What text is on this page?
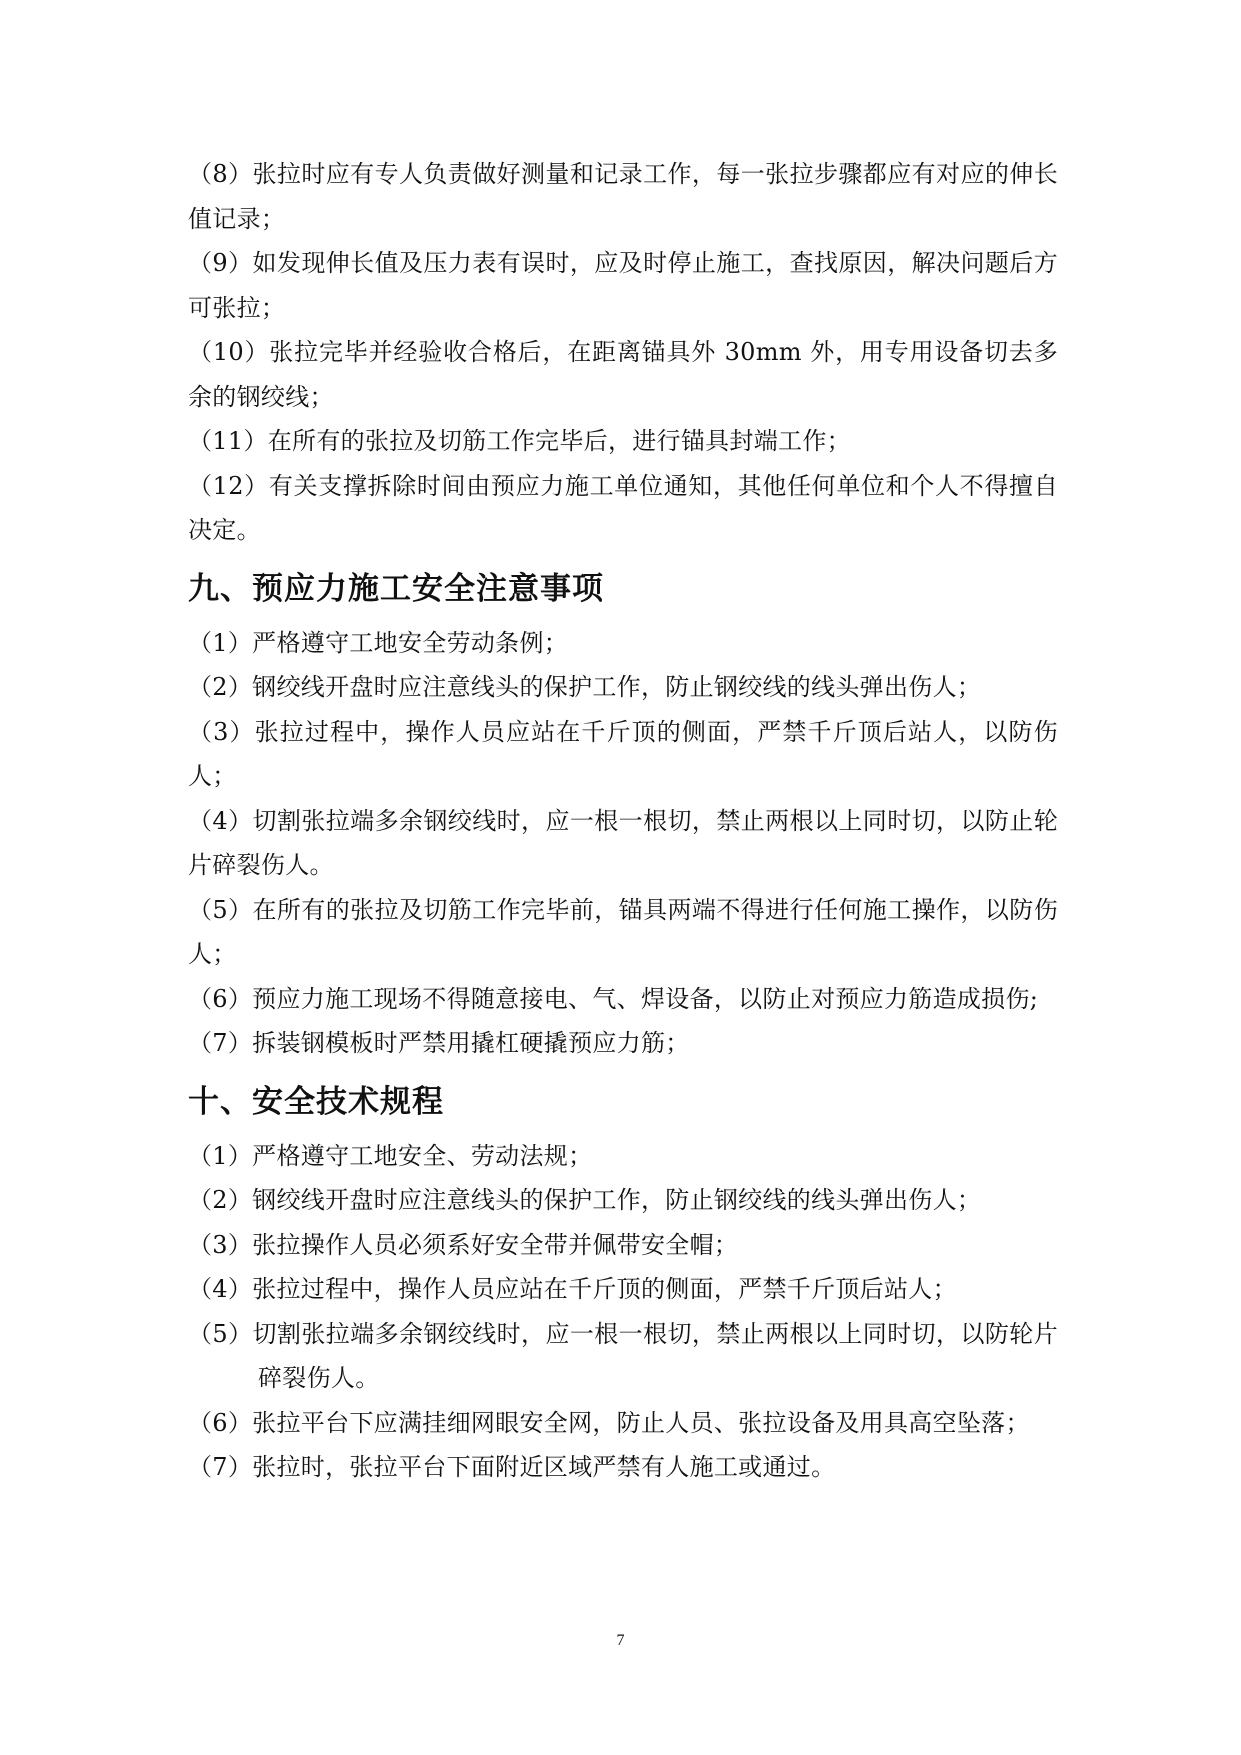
（8）张拉时应有专人负责做好测量和记录工作，每一张拉步骤都应有对应的伸长值记录；

（9）如发现伸长值及压力表有误时，应及时停止施工，查找原因，解决问题后方可张拉；

（10）张拉完毕并经验收合格后，在距离锚具外 30mm 外，用专用设备切去多余的钢绞线；

（11）在所有的张拉及切筋工作完毕后，进行锚具封端工作；

（12）有关支撑拆除时间由预应力施工单位通知，其他任何单位和个人不得擅自决定。

九、预应力施工安全注意事项

（1）严格遵守工地安全劳动条例；

（2）钢绞线开盘时应注意线头的保护工作，防止钢绞线的线头弹出伤人；

（3）张拉过程中，操作人员应站在千斤顶的侧面，严禁千斤顶后站人，以防伤人；

（4）切割张拉端多余钢绞线时，应一根一根切，禁止两根以上同时切，以防止轮片碎裂伤人。

（5）在所有的张拉及切筋工作完毕前，锚具两端不得进行任何施工操作，以防伤人；

（6）预应力施工现场不得随意接电、气、焊设备，以防止对预应力筋造成损伤;

（7）拆装钢模板时严禁用撬杠硬撬预应力筋；

十、安全技术规程

（1）严格遵守工地安全、劳动法规；

（2）钢绞线开盘时应注意线头的保护工作，防止钢绞线的线头弹出伤人；

（3）张拉操作人员必须系好安全带并佩带安全帽；

（4）张拉过程中，操作人员应站在千斤顶的侧面，严禁千斤顶后站人；

（5）切割张拉端多余钢绞线时，应一根一根切，禁止两根以上同时切，以防轮片碎裂伤人。

（6）张拉平台下应满挂细网眼安全网，防止人员、张拉设备及用具高空坠落；

（7）张拉时，张拉平台下面附近区域严禁有人施工或通过。

7
